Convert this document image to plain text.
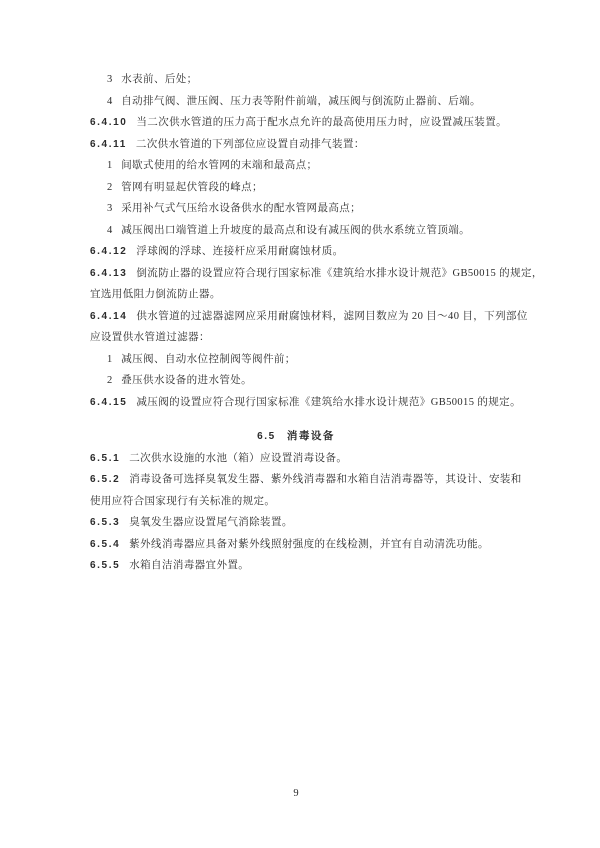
3 水表前、后处；
4 自动排气阀、泄压阀、压力表等附件前端，减压阀与倒流防止器前、后端。
6.4.10 当二次供水管道的压力高于配水点允许的最高使用压力时，应设置减压装置。
6.4.11 二次供水管道的下列部位应设置自动排气装置：
1 间歇式使用的给水管网的末端和最高点；
2 管网有明显起伏管段的峰点；
3 采用补气式气压给水设备供水的配水管网最高点；
4 减压阀出口端管道上升坡度的最高点和设有减压阀的供水系统立管顶端。
6.4.12 浮球阀的浮球、连接杆应采用耐腐蚀材质。
6.4.13 倒流防止器的设置应符合现行国家标准《建筑给水排水设计规范》GB50015 的规定，
宜选用低阻力倒流防止器。
6.4.14 供水管道的过滤器滤网应采用耐腐蚀材料，滤网目数应为 20 目～40 目，下列部位
应设置供水管道过滤器：
1 减压阀、自动水位控制阀等阀件前；
2 叠压供水设备的进水管处。
6.4.15 减压阀的设置应符合现行国家标准《建筑给水排水设计规范》GB50015 的规定。
6.5 消毒设备
6.5.1 二次供水设施的水池（箱）应设置消毒设备。
6.5.2 消毒设备可选择臭氧发生器、紫外线消毒器和水箱自洁消毒器等，其设计、安装和
使用应符合国家现行有关标准的规定。
6.5.3 臭氧发生器应设置尾气消除装置。
6.5.4 紫外线消毒器应具备对紫外线照射强度的在线检测，并宜有自动清洗功能。
6.5.5 水箱自洁消毒器宜外置。
9
